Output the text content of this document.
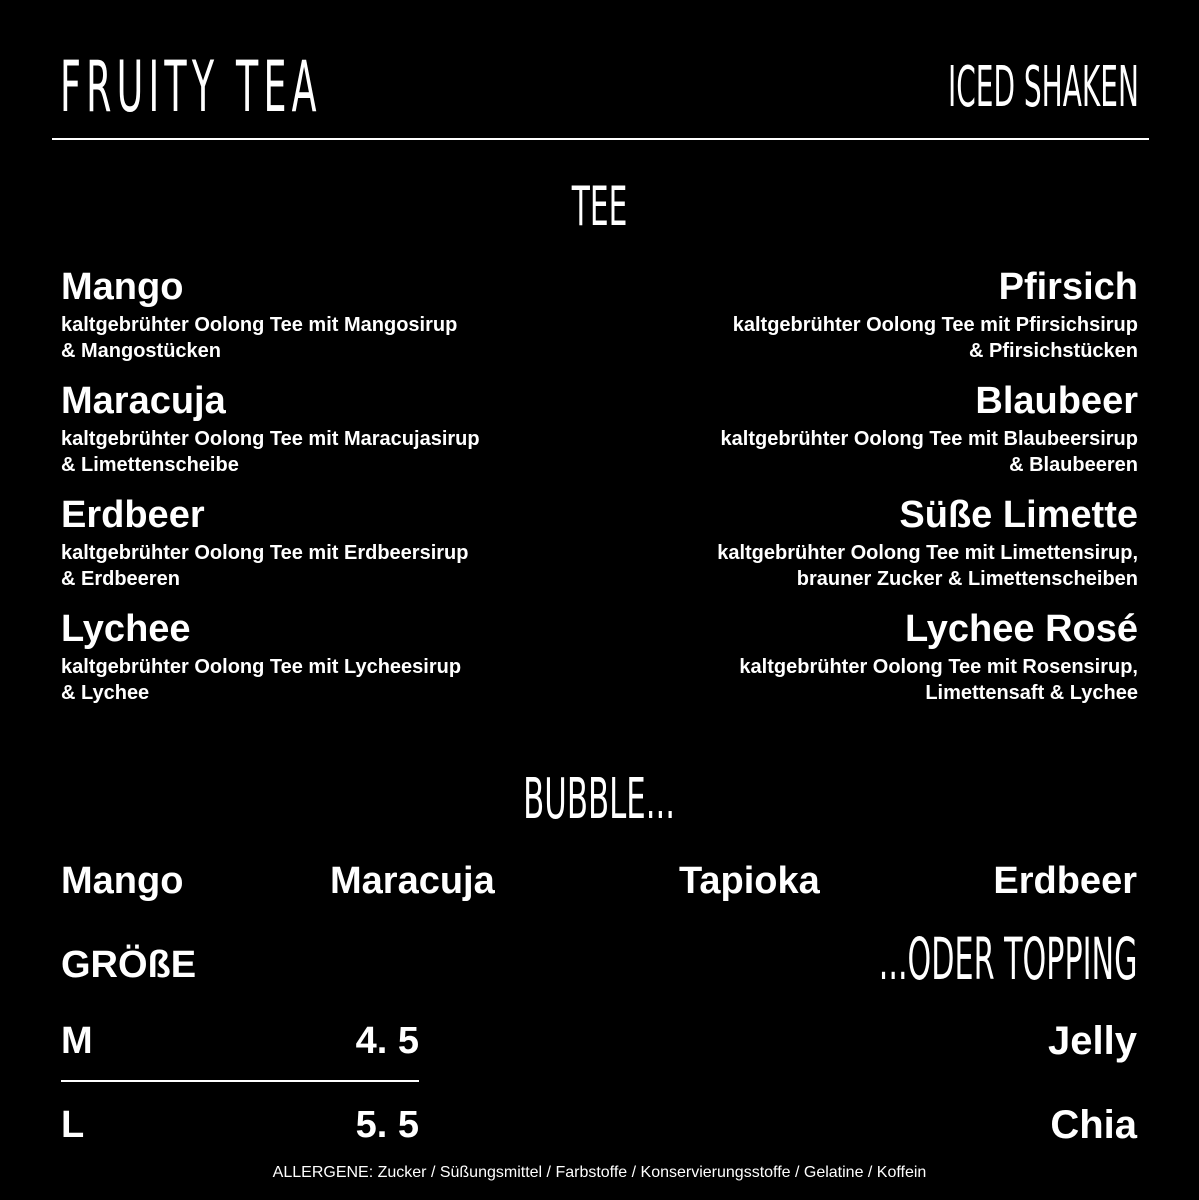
FRUITY TEA	ICED SHAKEN
TEE
Mango
kaltgebrühter Oolong Tee mit Mangosirup
& Mangostücken
Maracuja
kaltgebrühter Oolong Tee mit Maracujasirup
& Limettenscheibe
Erdbeer
kaltgebrühter Oolong Tee mit Erdbeersirup
& Erdbeeren
Lychee
kaltgebrühter Oolong Tee mit Lycheesirup
& Lychee
Pfirsich
kaltgebrühter Oolong Tee mit Pfirsichsirup
& Pfirsichstücken
Blaubeer
kaltgebrühter Oolong Tee mit Blaubeersirup
& Blaubeeren
Süße Limette
kaltgebrühter Oolong Tee mit Limettensirup,
brauner Zucker & Limettenscheiben
Lychee Rosé
kaltgebrühter Oolong Tee mit Rosensirup,
Limettensaft & Lychee
BUBBLE...
Mango	Maracuja	Tapioka	Erdbeer
GRÖßE	...ODER TOPPING
M	4. 5
L	5. 5
Jelly
Chia
ALLERGENE: Zucker / Süßungsmittel / Farbstoffe / Konservierungsstoffe / Gelatine / Koffein
